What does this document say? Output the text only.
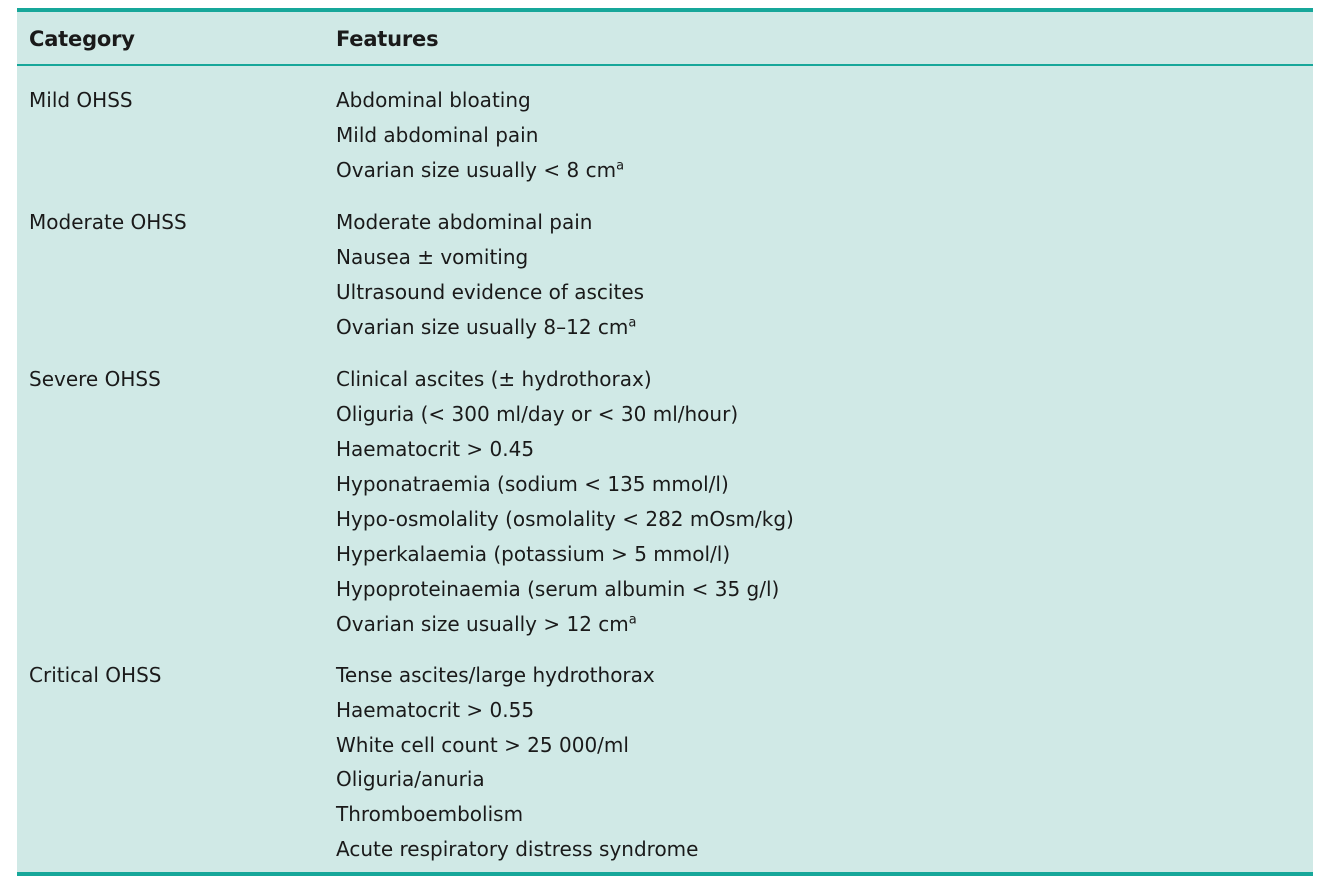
Category	Features
Mild OHSS	Abdominal bloating
Mild abdominal pain
Ovarian size usually < 8 $cm^a$
Moderate OHSS	Moderate abdominal pain
Nausea ± vomiting
Ultrasound evidence of ascites
Ovarian size usually 8–12 $cm^a$
Severe OHSS	Clinical ascites (± hydrothorax)
Oliguria (< 300 ml/day or < 30 ml/hour)
Haematocrit > 0.45
Hyponatraemia (sodium < 135 mmol/l)
Hypo-osmolality (osmolality < 282 mOsm/kg)
Hyperkalaemia (potassium > 5 mmol/l)
Hypoproteinaemia (serum albumin < 35 g/l)
Ovarian size usually > 12 $cm^a$
Critical OHSS	Tense ascites/large hydrothorax
Haematocrit > 0.55
White cell count > 25 000/ml
Oliguria/anuria
Thromboembolism
Acute respiratory distress syndrome
